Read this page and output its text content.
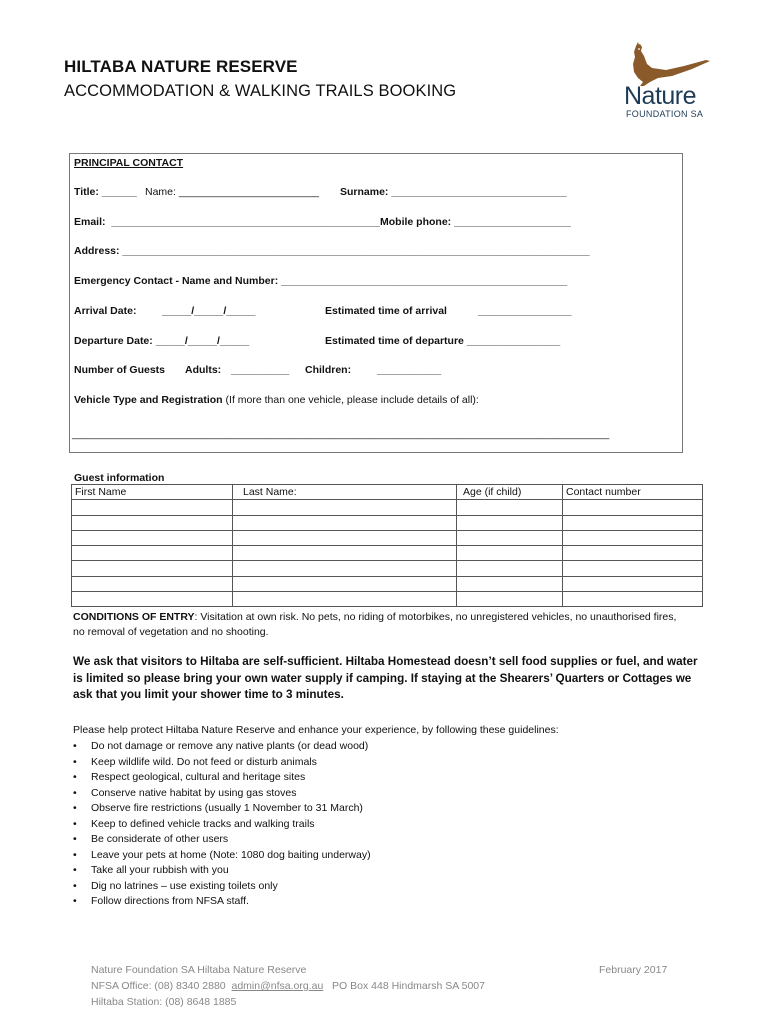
HILTABA NATURE RESERVE
ACCOMMODATION & WALKING TRAILS BOOKING	Nature
FOUNDATION SA
PRINCIPAL CONTACT
Title: ______ Name: ________________________ Surname: ______________________________
Email:  ______________________________________________ Mobile phone: ____________________
Address: ________________________________________________________________________________
Emergency Contact - Name and Number: _________________________________________________
Arrival Date: _____/_____/_____	Estimated time of arrival	________________
Departure Date: _____/_____/_____	Estimated time of departure ________________
Number of Guests Adults: __________ Children: ___________
Vehicle Type and Registration (If more than one vehicle, please include details of all):
____________________________________________________________________________________________
Guest information
First Name	Last Name:	Age (if child)	Contact number

CONDITIONS OF ENTRY: Visitation at own risk. No pets, no riding of motorbikes, no unregistered vehicles, no unauthorised fires, no removal of vegetation and no shooting.
We ask that visitors to Hiltaba are self-sufficient. Hiltaba Homestead doesn’t sell food supplies or fuel, and water is limited so please bring your own water supply if camping. If staying at the Shearers’ Quarters or Cottages we ask that you limit your shower time to 3 minutes.
Please help protect Hiltaba Nature Reserve and enhance your experience, by following these guidelines:
• Do not damage or remove any native plants (or dead wood)
• Keep wildlife wild. Do not feed or disturb animals
• Respect geological, cultural and heritage sites
• Conserve native habitat by using gas stoves
• Observe fire restrictions (usually 1 November to 31 March)
• Keep to defined vehicle tracks and walking trails
• Be considerate of other users
• Leave your pets at home (Note: 1080 dog baiting underway)
• Take all your rubbish with you
• Dig no latrines – use existing toilets only
• Follow directions from NFSA staff.
Nature Foundation SA Hiltaba Nature Reserve	February 2017
NFSA Office: (08) 8340 2880 admin@nfsa.org.au PO Box 448 Hindmarsh SA 5007
Hiltaba Station: (08) 8648 1885
